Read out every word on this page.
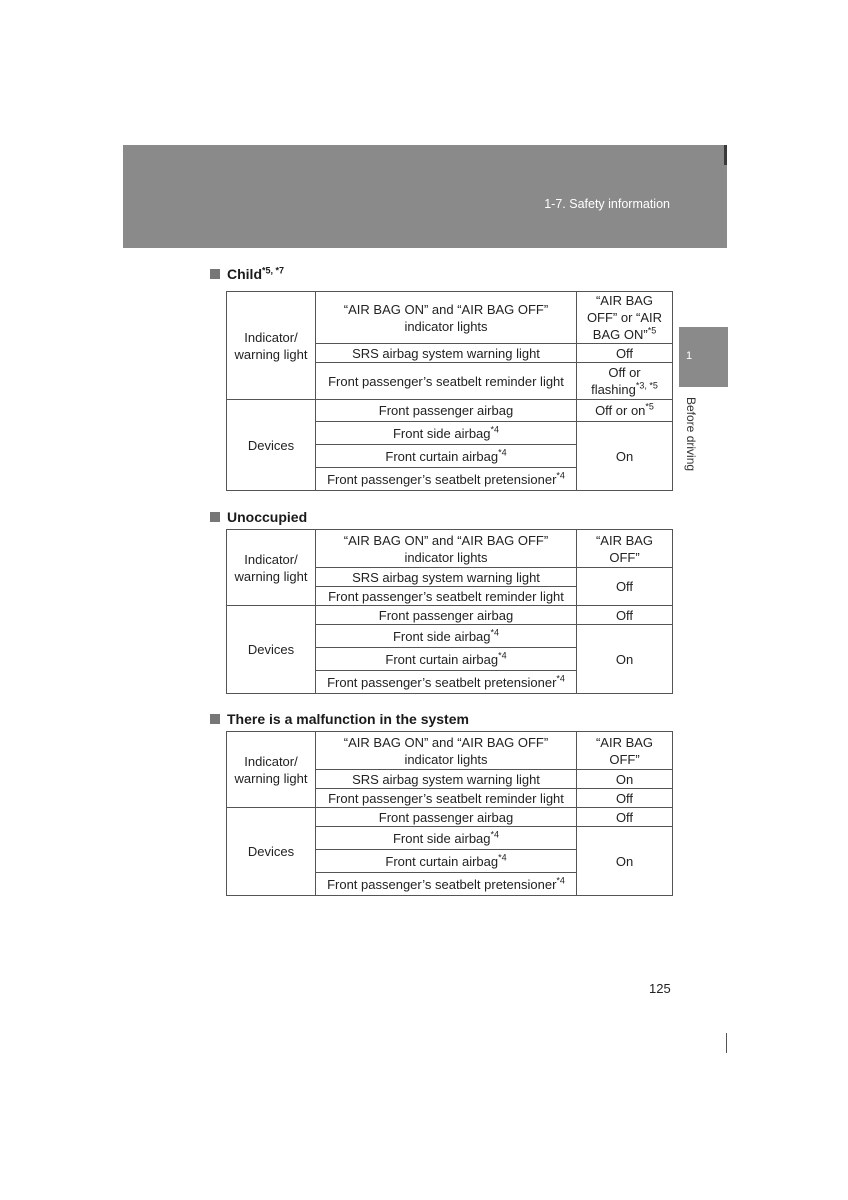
1-7. Safety information
1
Before driving
Child$^{*5, *7}$
Indicator/ warning light	“AIR BAG ON” and “AIR BAG OFF” indicator lights	“AIR BAG OFF” or “AIR BAG ON”$^{*5}$
	SRS airbag system warning light	Off
	Front passenger’s seatbelt reminder light	Off or flashing$^{*3, *5}$
Devices	Front passenger airbag	Off or $on^{*5}$
	Front side airbag$^{*4}$	On
	Front curtain airbag$^{*4}$
	Front passenger’s seatbelt pretensioner$^{*4}$
Unoccupied
Indicator/ warning light	“AIR BAG ON” and “AIR BAG OFF” indicator lights	“AIR BAG OFF”
	SRS airbag system warning light	Off
	Front passenger’s seatbelt reminder light	
Devices	Front passenger airbag	Off
	Front side airbag$^{*4}$	On
	Front curtain airbag$^{*4}$
	Front passenger’s seatbelt pretensioner$^{*4}$
There is a malfunction in the system
Indicator/ warning light	“AIR BAG ON” and “AIR BAG OFF” indicator lights	“AIR BAG OFF”
	SRS airbag system warning light	On
	Front passenger’s seatbelt reminder light	Off
Devices	Front passenger airbag	Off
	Front side airbag$^{*4}$	On
	Front curtain airbag$^{*4}$
	Front passenger’s seatbelt pretensioner$^{*4}$
125
